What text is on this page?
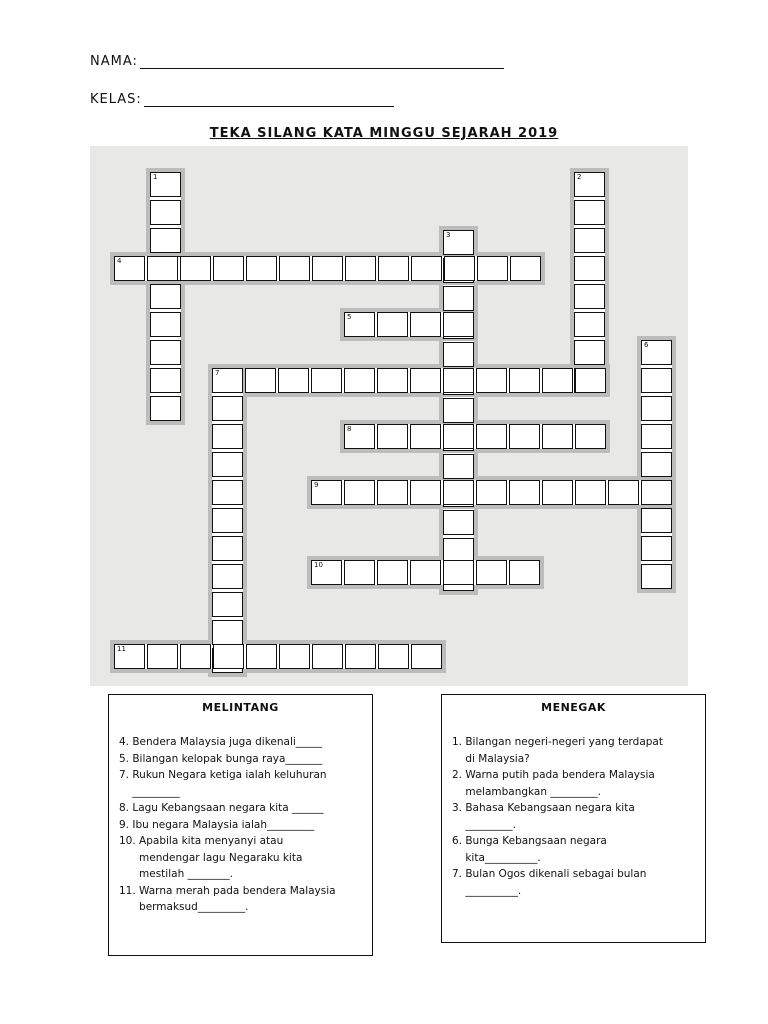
NAMA:
KELAS:
TEKA SILANG KATA MINGGU SEJARAH 2019
1	2
3
4
5
6
7
8
9
10
11
MELINTANG
4. Bendera Malaysia juga dikenali_____
5. Bilangan kelopak bunga raya_______
7. Rukun Negara ketiga ialah keluhuran
_________
8. Lagu Kebangsaan negara kita ______
9. Ibu negara Malaysia ialah_________
10. Apabila kita menyanyi atau
mendengar lagu Negaraku kita
mestilah ________.
11. Warna merah pada bendera Malaysia
bermaksud_________.
MENEGAK
1. Bilangan negeri-negeri yang terdapat
di Malaysia?
2. Warna putih pada bendera Malaysia
melambangkan _________.
3. Bahasa Kebangsaan negara kita
_________.
6. Bunga Kebangsaan negara
kita__________.
7. Bulan Ogos dikenali sebagai bulan
__________.
